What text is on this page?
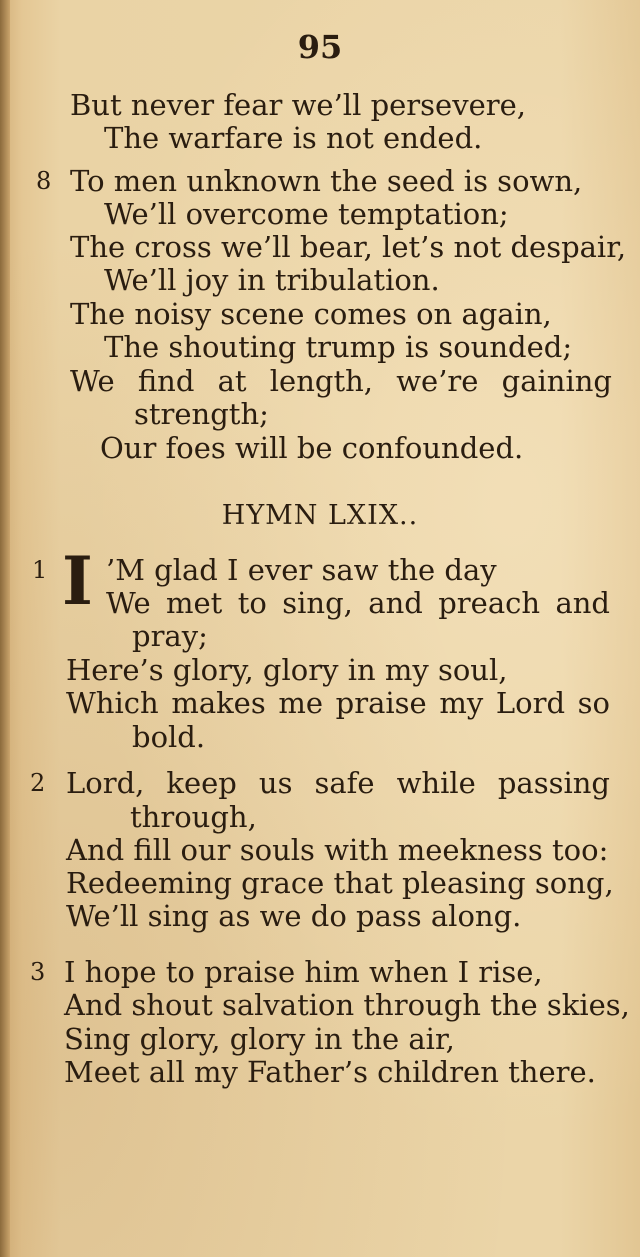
95
But never fear we’ll persevere,
The warfare is not ended.
8 To men unknown the seed is sown,
We’ll overcome temptation;
The cross we’ll bear, let’s not despair,
We’ll joy in tribulation.
The noisy scene comes on again,
The shouting trump is sounded;
We find at length, we’re gaining
strength;
Our foes will be confounded.
HYMN LXIX..
1 I ’M glad I ever saw the day
We met to sing, and preach and
pray;
Here’s glory, glory in my soul,
Which makes me praise my Lord so
bold.
2 Lord, keep us safe while passing
through,
And fill our souls with meekness too:
Redeeming grace that pleasing song,
We’ll sing as we do pass along.
3 I hope to praise him when I rise,
And shout salvation through the skies,
Sing glory, glory in the air,
Meet all my Father’s children there.
